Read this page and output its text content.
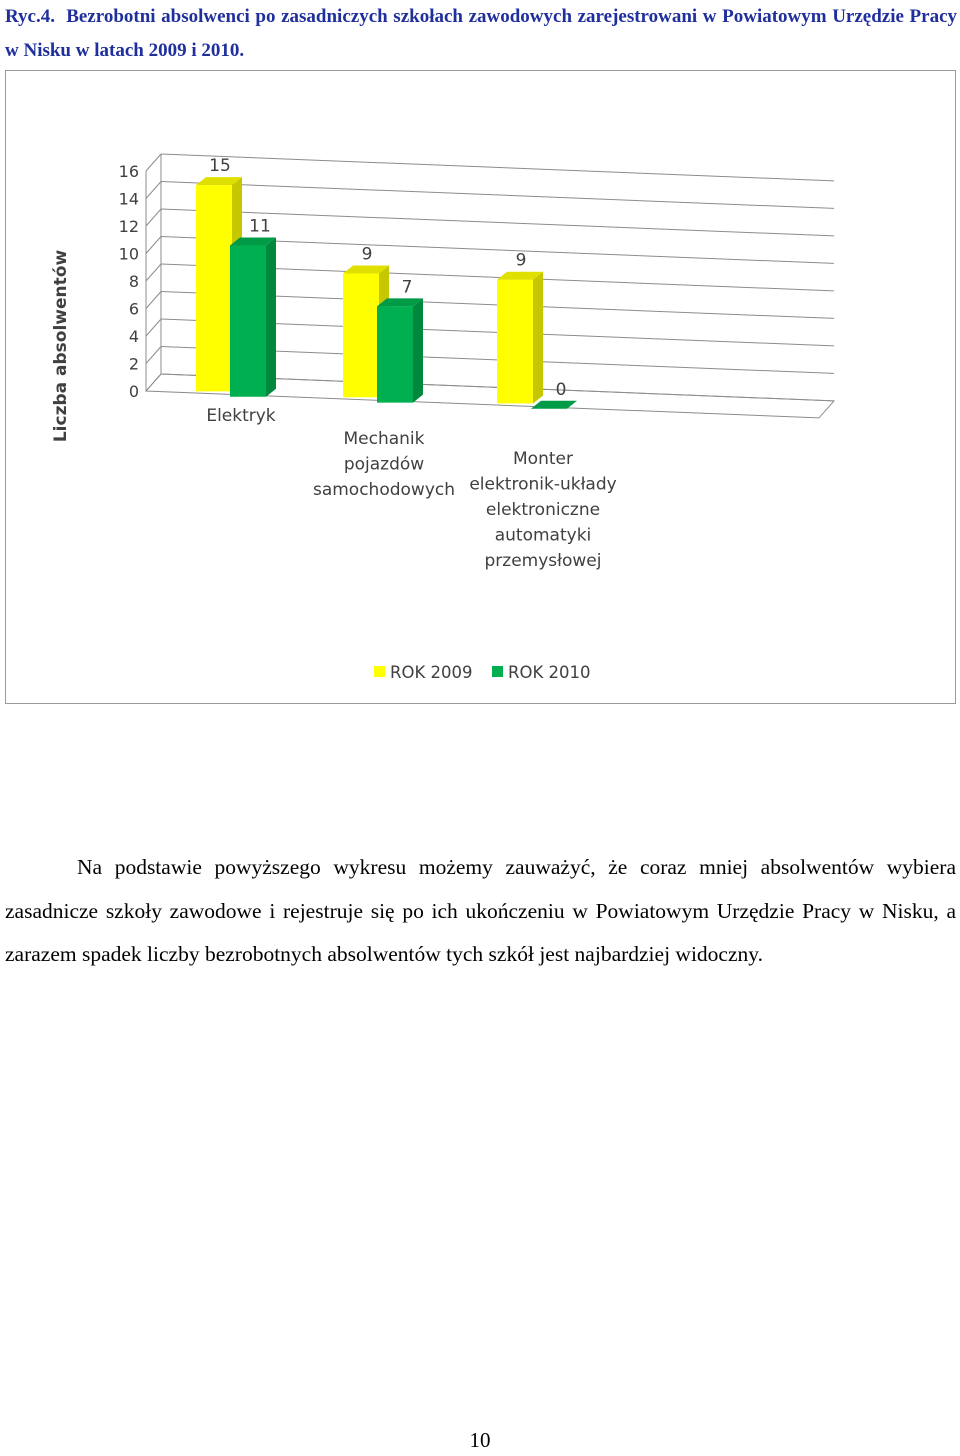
Ryc.4. Bezrobotni absolwenci po zasadniczych szkołach zawodowych zarejestrowani w Powiatowym Urzędzie Pracy w Nisku w latach 2009 i 2010.
0
2
4
6
8
10
12
14
16
Liczba absolwentów
15
11
9
7
9
0
Elektryk
Mechanik
pojazdów
samochodowych
Monter
elektronik-układy
elektroniczne
automatyki
przemysłowej
ROK 2009 ROK 2010
Na podstawie powyższego wykresu możemy zauważyć, że coraz mniej absolwentów wybiera zasadnicze szkoły zawodowe i rejestruje się po ich ukończeniu w Powiatowym Urzędzie Pracy w Nisku, a zarazem spadek liczby bezrobotnych absolwentów tych szkół jest najbardziej widoczny.
10
